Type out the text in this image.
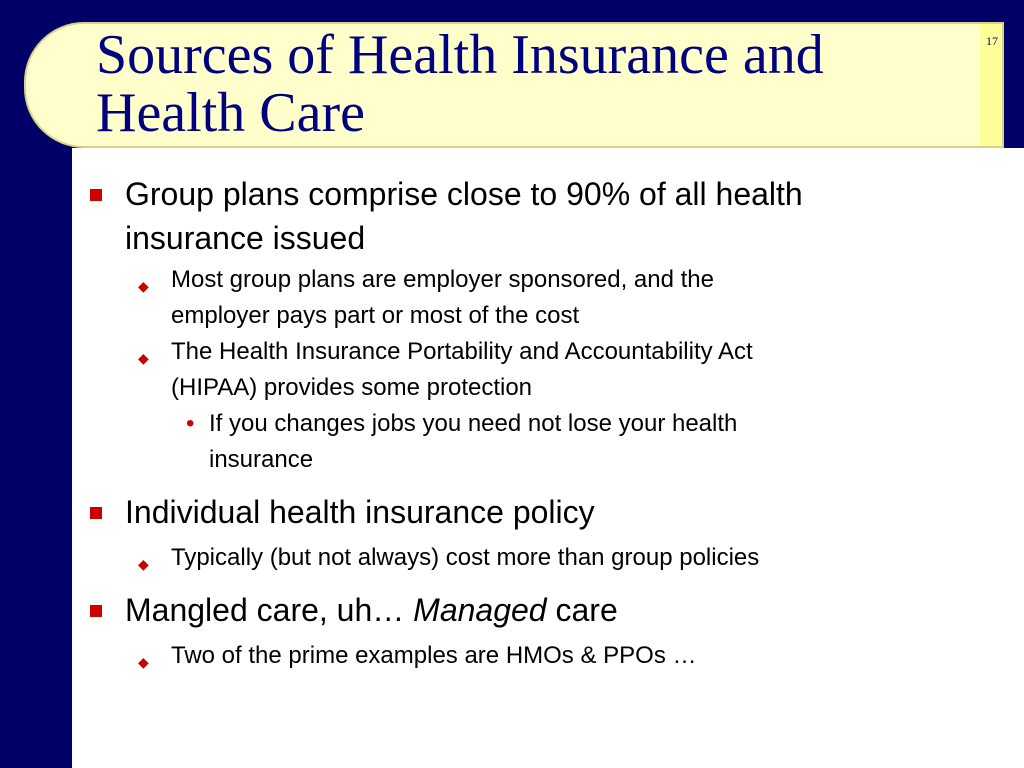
Sources of Health Insurance and
Health Care
17
Group plans comprise close to 90% of all health
insurance issued
◆ Most group plans are employer sponsored, and the
employer pays part or most of the cost
◆ The Health Insurance Portability and Accountability Act
(HIPAA) provides some protection
• If you changes jobs you need not lose your health
insurance
Individual health insurance policy
◆ Typically (but not always) cost more than group policies
Mangled care, uh… Managed care
◆ Two of the prime examples are HMOs & PPOs …
